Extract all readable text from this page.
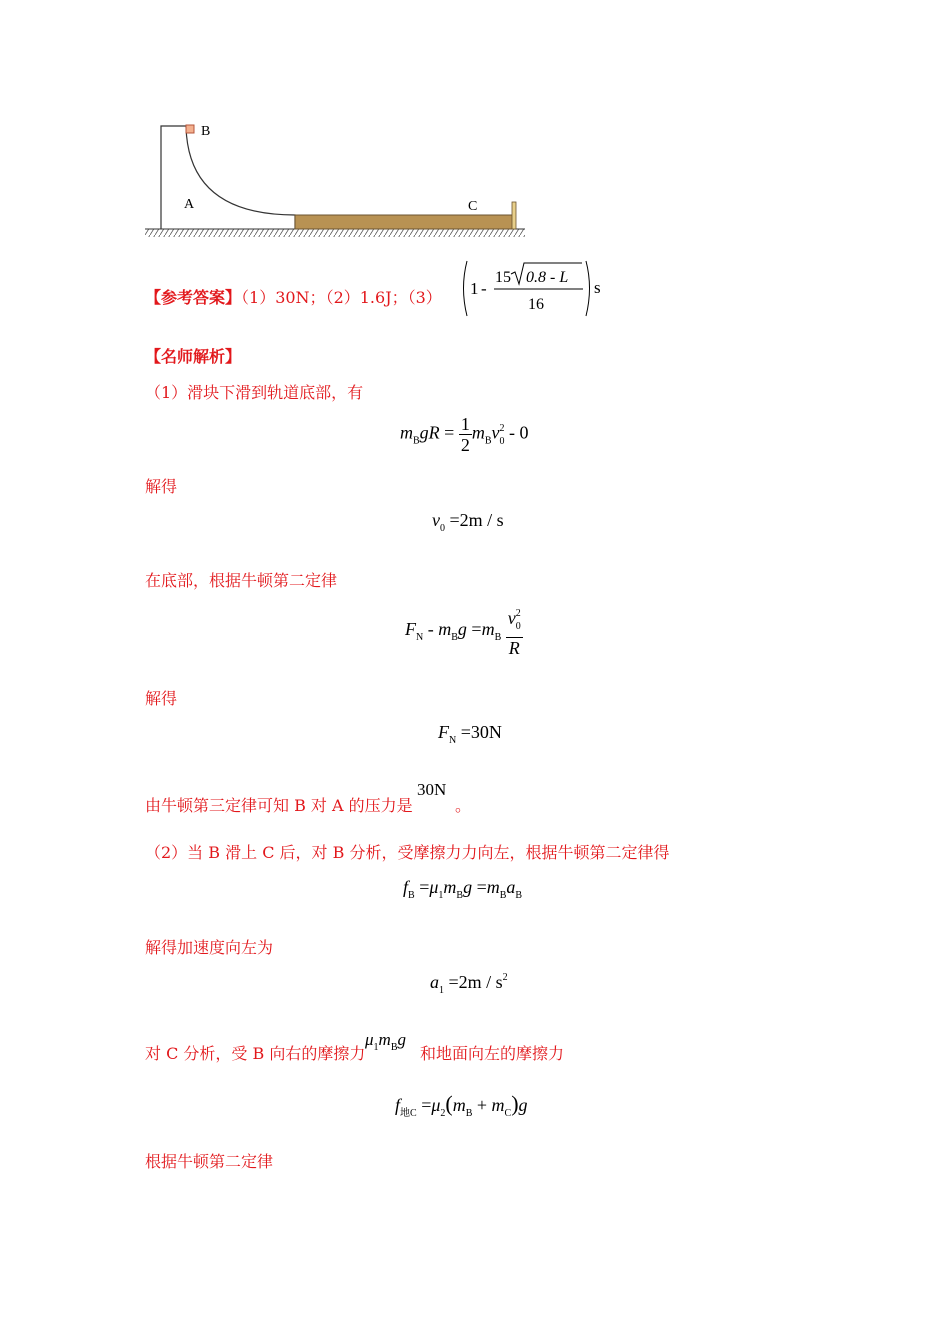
B
A	C
【参考答案】（1）30N；（2）1.6J；（3） 1 -
15 0.8 - L
16
s
【名师解析】
（1）滑块下滑到轨道底部，有
$m_BgR = \frac{1}{2} m_Bv_0^2 - 0$
解得
$v_0 =2m / s$
在底部，根据牛顿第二定律
$F_N - m_Bg =m_B \frac{v_0^2}{R}$
解得
$F_N =30N$
由牛顿第三定律可知 B 对 A 的压力是
30N
。
（2）当 B 滑上 C 后，对 B 分析，受摩擦力力向左，根据牛顿第二定律得
$f_B =\mu_1m_Bg =m_Ba_B$
解得加速度向左为
$a_1 =2m / s^2$
对 C 分析，受 B 向右的摩擦力
$\mu_1m_Bg$
和地面向左的摩擦力
$f_{地C} =\mu_2(m_B + m_C)g$
根据牛顿第二定律
